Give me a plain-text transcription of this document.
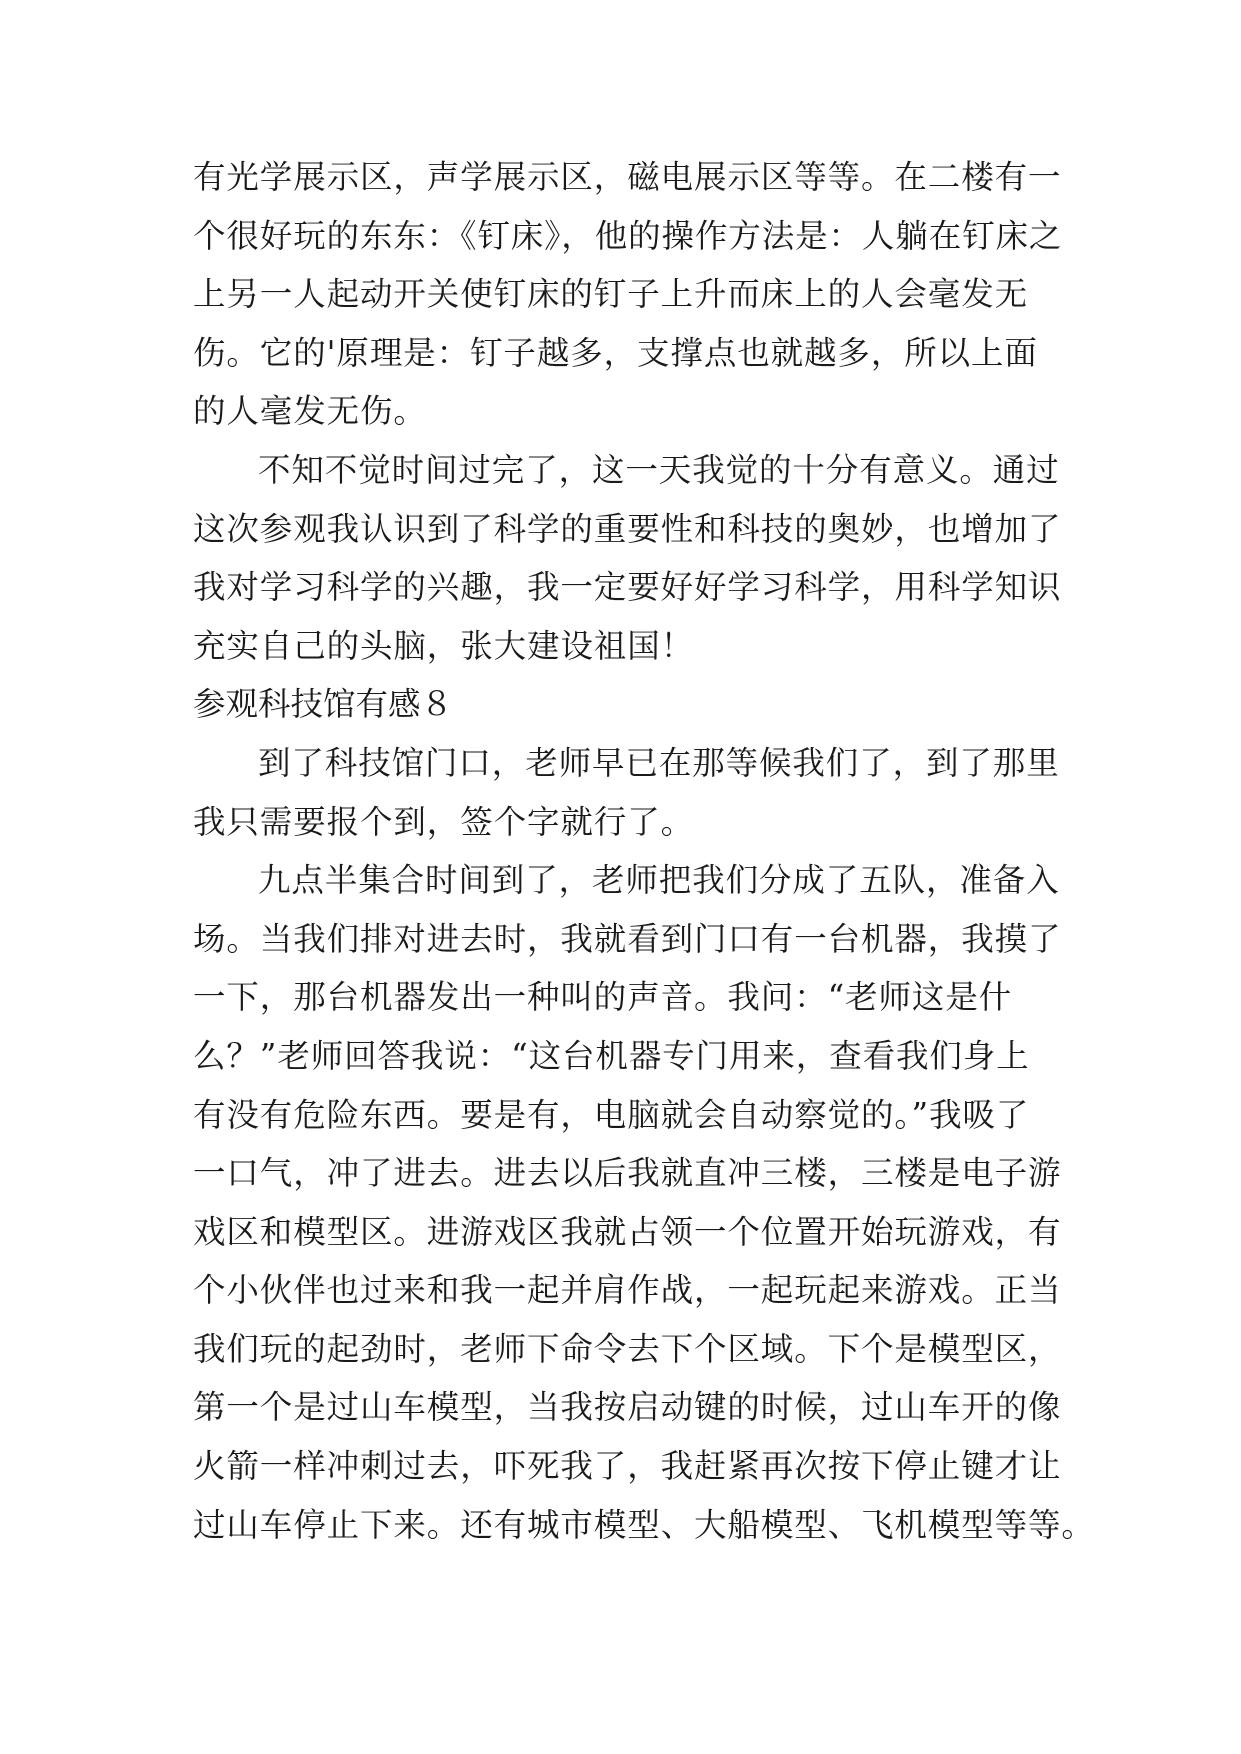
有光学展示区，声学展示区，磁电展示区等等。在二楼有一
个很好玩的东东：《钉床》，他的操作方法是：人躺在钉床之
上另一人起动开关使钉床的钉子上升而床上的人会毫发无
伤。它的'原理是：钉子越多，支撑点也就越多，所以上面
的人毫发无伤。
不知不觉时间过完了，这一天我觉的十分有意义。通过
这次参观我认识到了科学的重要性和科技的奥妙，也增加了
我对学习科学的兴趣，我一定要好好学习科学，用科学知识
充实自己的头脑，张大建设祖国！
参观科技馆有感８
到了科技馆门口，老师早已在那等候我们了，到了那里
我只需要报个到，签个字就行了。
九点半集合时间到了，老师把我们分成了五队，准备入
场。当我们排对进去时，我就看到门口有一台机器，我摸了
一下，那台机器发出一种叫的声音。我问：“老师这是什
么？”老师回答我说：“这台机器专门用来，查看我们身上
有没有危险东西。要是有，电脑就会自动察觉的。”我吸了
一口气，冲了进去。进去以后我就直冲三楼，三楼是电子游
戏区和模型区。进游戏区我就占领一个位置开始玩游戏，有
个小伙伴也过来和我一起并肩作战，一起玩起来游戏。正当
我们玩的起劲时，老师下命令去下个区域。下个是模型区，
第一个是过山车模型，当我按启动键的时候，过山车开的像
火箭一样冲刺过去，吓死我了，我赶紧再次按下停止键才让
过山车停止下来。还有城市模型、大船模型、飞机模型等等。
